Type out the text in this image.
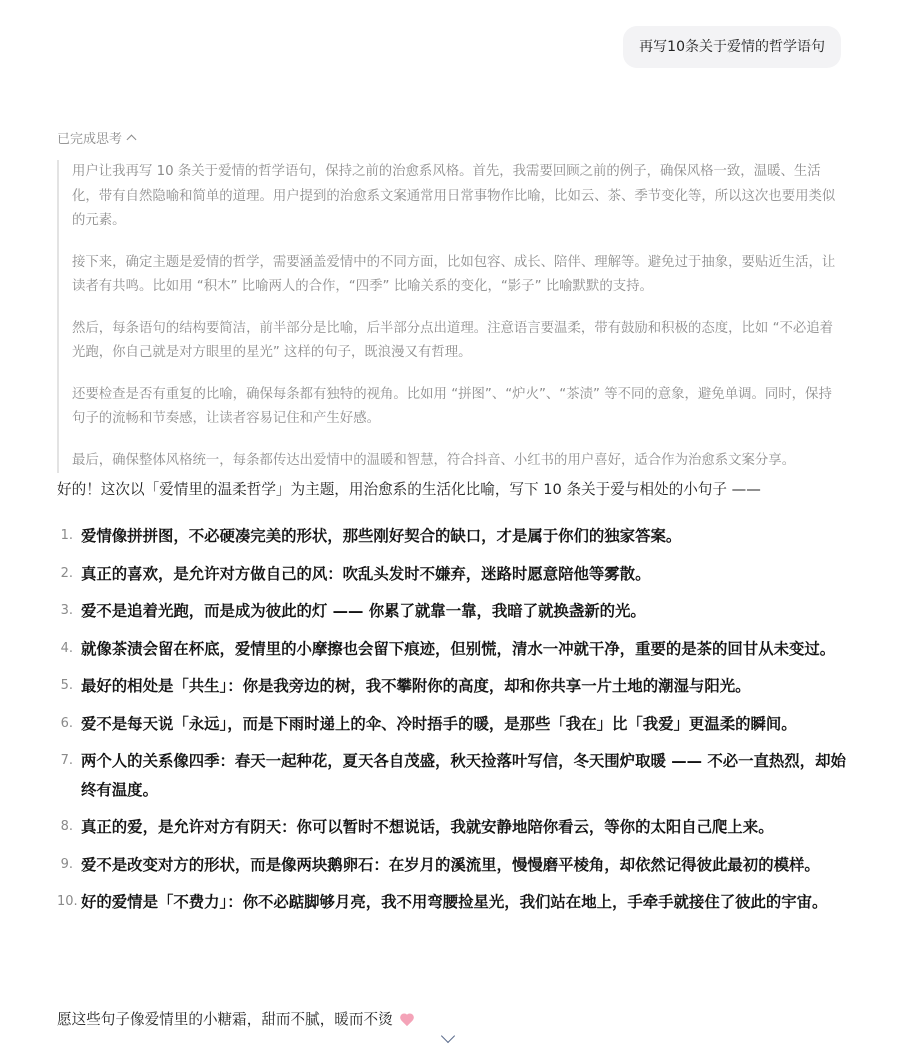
再写10条关于爱情的哲学语句
已完成思考

用户让我再写 10 条关于爱情的哲学语句，保持之前的治愈系风格。首先，我需要回顾之前的例子，确保风格一致，温暖、生活化，带有自然隐喻和简单的道理。用户提到的治愈系文案通常用日常事物作比喻，比如云、茶、季节变化等，所以这次也要用类似的元素。

接下来，确定主题是爱情的哲学，需要涵盖爱情中的不同方面，比如包容、成长、陪伴、理解等。避免过于抽象，要贴近生活，让读者有共鸣。比如用 “积木” 比喻两人的合作，“四季” 比喻关系的变化，“影子” 比喻默默的支持。

然后，每条语句的结构要简洁，前半部分是比喻，后半部分点出道理。注意语言要温柔，带有鼓励和积极的态度，比如 “不必追着光跑，你自己就是对方眼里的星光” 这样的句子，既浪漫又有哲理。

还要检查是否有重复的比喻，确保每条都有独特的视角。比如用 “拼图”、“炉火”、“茶渍” 等不同的意象，避免单调。同时，保持句子的流畅和节奏感，让读者容易记住和产生好感。

最后，确保整体风格统一，每条都传达出爱情中的温暖和智慧，符合抖音、小红书的用户喜好，适合作为治愈系文案分享。

好的！这次以「爱情里的温柔哲学」为主题，用治愈系的生活化比喻，写下 10 条关于爱与相处的小句子 ——

1. 爱情像拼拼图，不必硬凑完美的形状，那些刚好契合的缺口，才是属于你们的独家答案。
2. 真正的喜欢，是允许对方做自己的风：吹乱头发时不嫌弃，迷路时愿意陪他等雾散。
3. 爱不是追着光跑，而是成为彼此的灯 —— 你累了就靠一靠，我暗了就换盏新的光。
4. 就像茶渍会留在杯底，爱情里的小摩擦也会留下痕迹，但别慌，清水一冲就干净，重要的是茶的回甘从未变过。
5. 最好的相处是「共生」：你是我旁边的树，我不攀附你的高度，却和你共享一片土地的潮湿与阳光。
6. 爱不是每天说「永远」，而是下雨时递上的伞、冷时捂手的暖，是那些「我在」比「我爱」更温柔的瞬间。
7. 两个人的关系像四季：春天一起种花，夏天各自茂盛，秋天捡落叶写信，冬天围炉取暖 —— 不必一直热烈，却始终有温度。
8. 真正的爱，是允许对方有阴天：你可以暂时不想说话，我就安静地陪你看云，等你的太阳自己爬上来。
9. 爱不是改变对方的形状，而是像两块鹅卵石：在岁月的溪流里，慢慢磨平棱角，却依然记得彼此最初的模样。
10. 好的爱情是「不费力」：你不必踮脚够月亮，我不用弯腰捡星光，我们站在地上，手牵手就接住了彼此的宇宙。
愿这些句子像爱情里的小糖霜，甜而不腻，暖而不烫
